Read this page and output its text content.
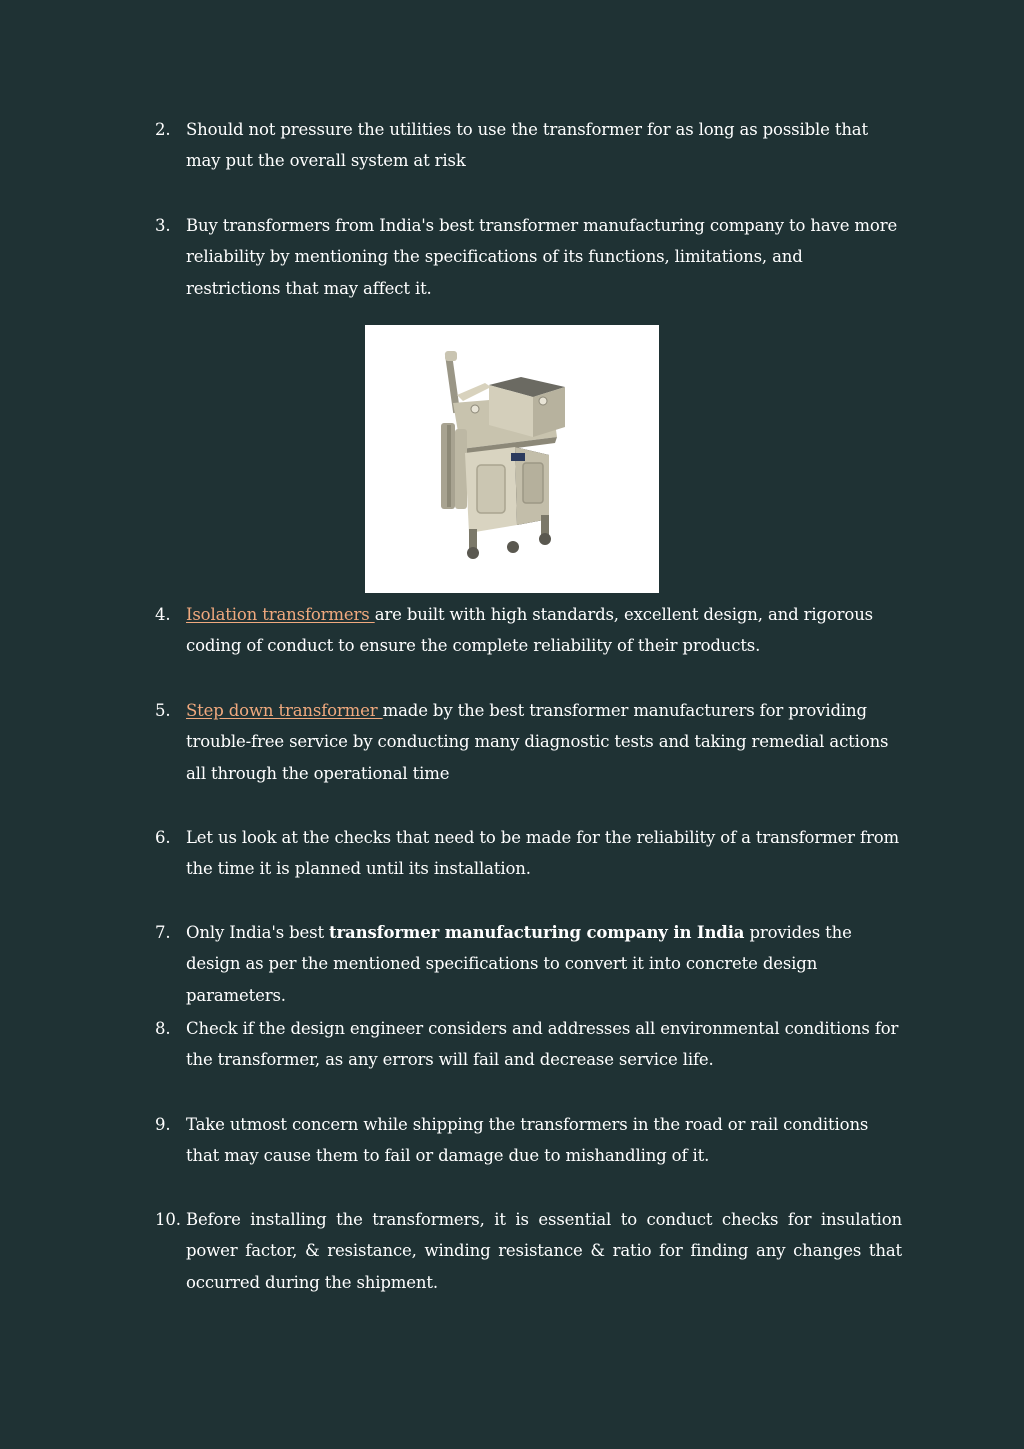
2. Should not pressure the utilities to use the transformer for as long as possible that may put the overall system at risk
3. Buy transformers from India's best transformer manufacturing company to have more reliability by mentioning the specifications of its functions, limitations, and restrictions that may affect it.
4. Isolation transformers are built with high standards, excellent design, and rigorous coding of conduct to ensure the complete reliability of their products.
5. Step down transformer made by the best transformer manufacturers for providing trouble-free service by conducting many diagnostic tests and taking remedial actions all through the operational time
6. Let us look at the checks that need to be made for the reliability of a transformer from the time it is planned until its installation.
7. Only India's best transformer manufacturing company in India provides the design as per the mentioned specifications to convert it into concrete design parameters.
8. Check if the design engineer considers and addresses all environmental conditions for the transformer, as any errors will fail and decrease service life.
9. Take utmost concern while shipping the transformers in the road or rail conditions that may cause them to fail or damage due to mishandling of it.
10. Before installing the transformers, it is essential to conduct checks for insulation power factor, & resistance, winding resistance & ratio for finding any changes that occurred during the shipment.
